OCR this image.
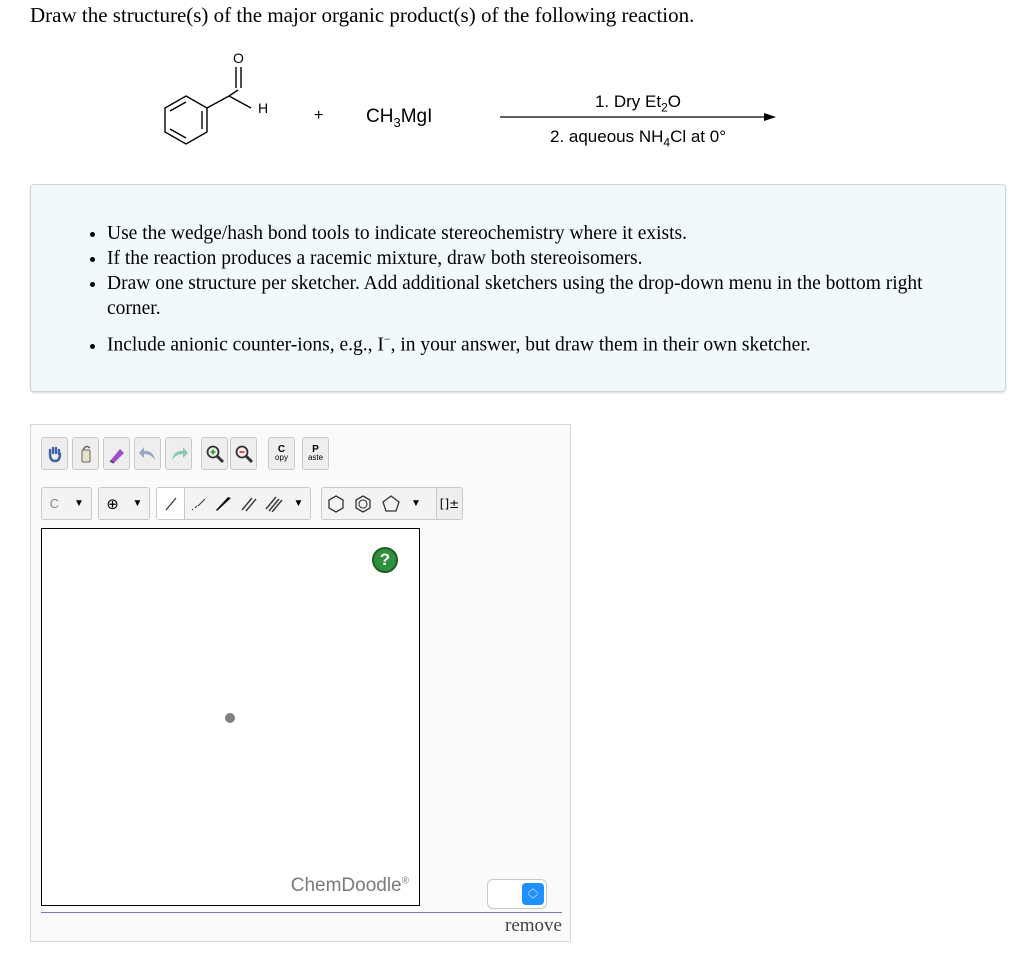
Draw the structure(s) of the major organic product(s) of the following reaction.
O
H	+ $CH_3MgI$
1. Dry $Et_2O$
2. aqueous $NH_4Cl$ at 0°
• Use the wedge/hash bond tools to indicate stereochemistry where it exists.
• If the reaction produces a racemic mixture, draw both stereoisomers.
• Draw one structure per sketcher. Add additional sketchers using the drop-down menu in the bottom right corner.
• Include anionic counter-ions, e.g., I−, in your answer, but draw them in their own sketcher.
C
opy
P
aste
C	▼	⊕	▼	▼	▼	[]±
?
ChemDoodle®
︿
﹀
remove
